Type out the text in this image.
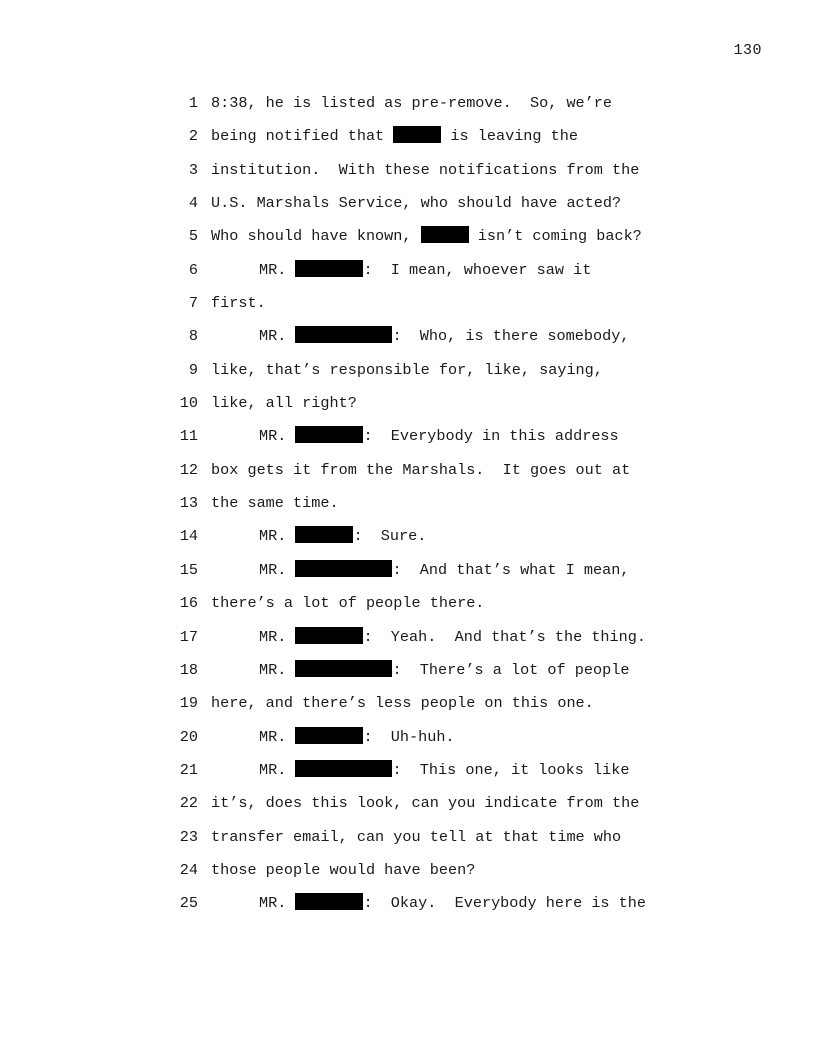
130
1 8:38, he is listed as pre-remove.  So, we’re
2 being notified that	is leaving the
3 institution.  With these notifications from the
4 U.S. Marshals Service, who should have acted?
5 Who should have known,	isn’t coming back?
6	MR.	:  I mean, whoever saw it
7 first.
8	MR.	:  Who, is there somebody,
9 like, that’s responsible for, like, saying,
10 like, all right?
11	MR.	:  Everybody in this address
12 box gets it from the Marshals.  It goes out at
13 the same time.
14	MR.	:  Sure.
15	MR.	:  And that’s what I mean,
16 there’s a lot of people there.
17	MR.	:  Yeah.  And that’s the thing.
18	MR.	:  There’s a lot of people
19 here, and there’s less people on this one.
20	MR.	:  Uh-huh.
21	MR.	:  This one, it looks like
22 it’s, does this look, can you indicate from the
23 transfer email, can you tell at that time who
24 those people would have been?
25	MR.	:  Okay.  Everybody here is the
